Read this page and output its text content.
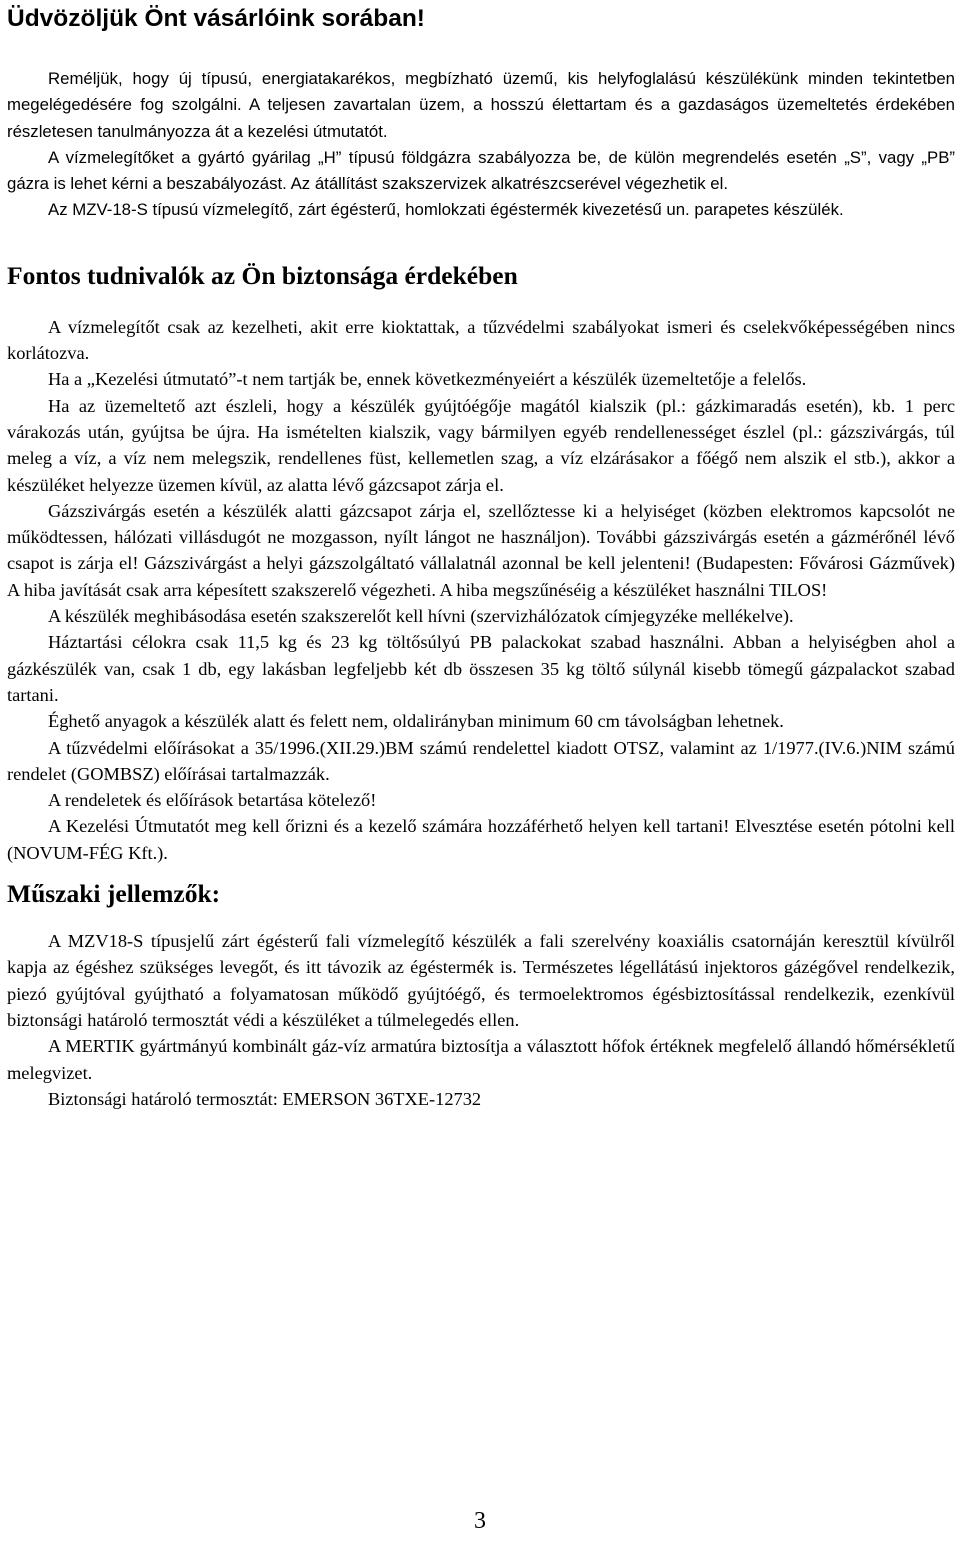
Üdvözöljük Önt vásárlóink sorában!

Reméljük, hogy új típusú, energiatakarékos, megbízható üzemű, kis helyfoglalású készülékünk minden tekintetben megelégedésére fog szolgálni. A teljesen zavartalan üzem, a hosszú élettartam és a gazdaságos üzemeltetés érdekében részletesen tanulmányozza át a kezelési útmutatót.

A vízmelegítőket a gyártó gyárilag „H” típusú földgázra szabályozza be, de külön megrendelés esetén „S”, vagy „PB” gázra is lehet kérni a beszabályozást. Az átállítást szakszervizek alkatrészcserével végezhetik el.

Az MZV-18-S típusú vízmelegítő, zárt égésterű, homlokzati égéstermék kivezetésű un. parapetes készülék.

Fontos tudnivalók az Ön biztonsága érdekében

A vízmelegítőt csak az kezelheti, akit erre kioktattak, a tűzvédelmi szabályokat ismeri és cselekvőképességében nincs korlátozva.

Ha a „Kezelési útmutató”-t nem tartják be, ennek következményeiért a készülék üzemeltetője a felelős.

Ha az üzemeltető azt észleli, hogy a készülék gyújtóégője magától kialszik (pl.: gázkimaradás esetén), kb. 1 perc várakozás után, gyújtsa be újra. Ha ismételten kialszik, vagy bármilyen egyéb rendellenességet észlel (pl.: gázszivárgás, túl meleg a víz, a víz nem melegszik, rendellenes füst, kellemetlen szag, a víz elzárásakor a főégő nem alszik el stb.), akkor a készüléket helyezze üzemen kívül, az alatta lévő gázcsapot zárja el.

Gázszivárgás esetén a készülék alatti gázcsapot zárja el, szellőztesse ki a helyiséget (közben elektromos kapcsolót ne működtessen, hálózati villásdugót ne mozgasson, nyílt lángot ne használjon). További gázszivárgás esetén a gázmérőnél lévő csapot is zárja el! Gázszivárgást a helyi gázszolgáltató vállalatnál azonnal be kell jelenteni! (Budapesten: Fővárosi Gázművek) A hiba javítását csak arra képesített szakszerelő végezheti. A hiba megszűnéséig a készüléket használni TILOS!

A készülék meghibásodása esetén szakszerelőt kell hívni (szervizhálózatok címjegyzéke mellékelve).

Háztartási célokra csak 11,5 kg és 23 kg töltősúlyú PB palackokat szabad használni. Abban a helyiségben ahol a gázkészülék van, csak 1 db, egy lakásban legfeljebb két db összesen 35 kg töltő súlynál kisebb tömegű gázpalackot szabad tartani.

Éghető anyagok a készülék alatt és felett nem, oldalirányban minimum 60 cm távolságban lehetnek.

A tűzvédelmi előírásokat a 35/1996.(XII.29.)BM számú rendelettel kiadott OTSZ, valamint az 1/1977.(IV.6.)NIM számú rendelet (GOMBSZ) előírásai tartalmazzák.

A rendeletek és előírások betartása kötelező!

A Kezelési Útmutatót meg kell őrizni és a kezelő számára hozzáférhető helyen kell tartani! Elvesztése esetén pótolni kell (NOVUM-FÉG Kft.).

Műszaki jellemzők:

A MZV18-S típusjelű zárt égésterű fali vízmelegítő készülék a fali szerelvény koaxiális csatornáján keresztül kívülről kapja az égéshez szükséges levegőt, és itt távozik az égéstermék is. Természetes légellátású injektoros gázégővel rendelkezik, piezó gyújtóval gyújtható a folyamatosan működő gyújtóégő, és termoelektromos égésbiztosítással rendelkezik, ezenkívül biztonsági határoló termosztát védi a készüléket a túlmelegedés ellen.

A MERTIK gyártmányú kombinált gáz-víz armatúra biztosítja a választott hőfok értéknek megfelelő állandó hőmérsékletű melegvizet.

Biztonsági határoló termosztát: EMERSON 36TXE-12732

3
